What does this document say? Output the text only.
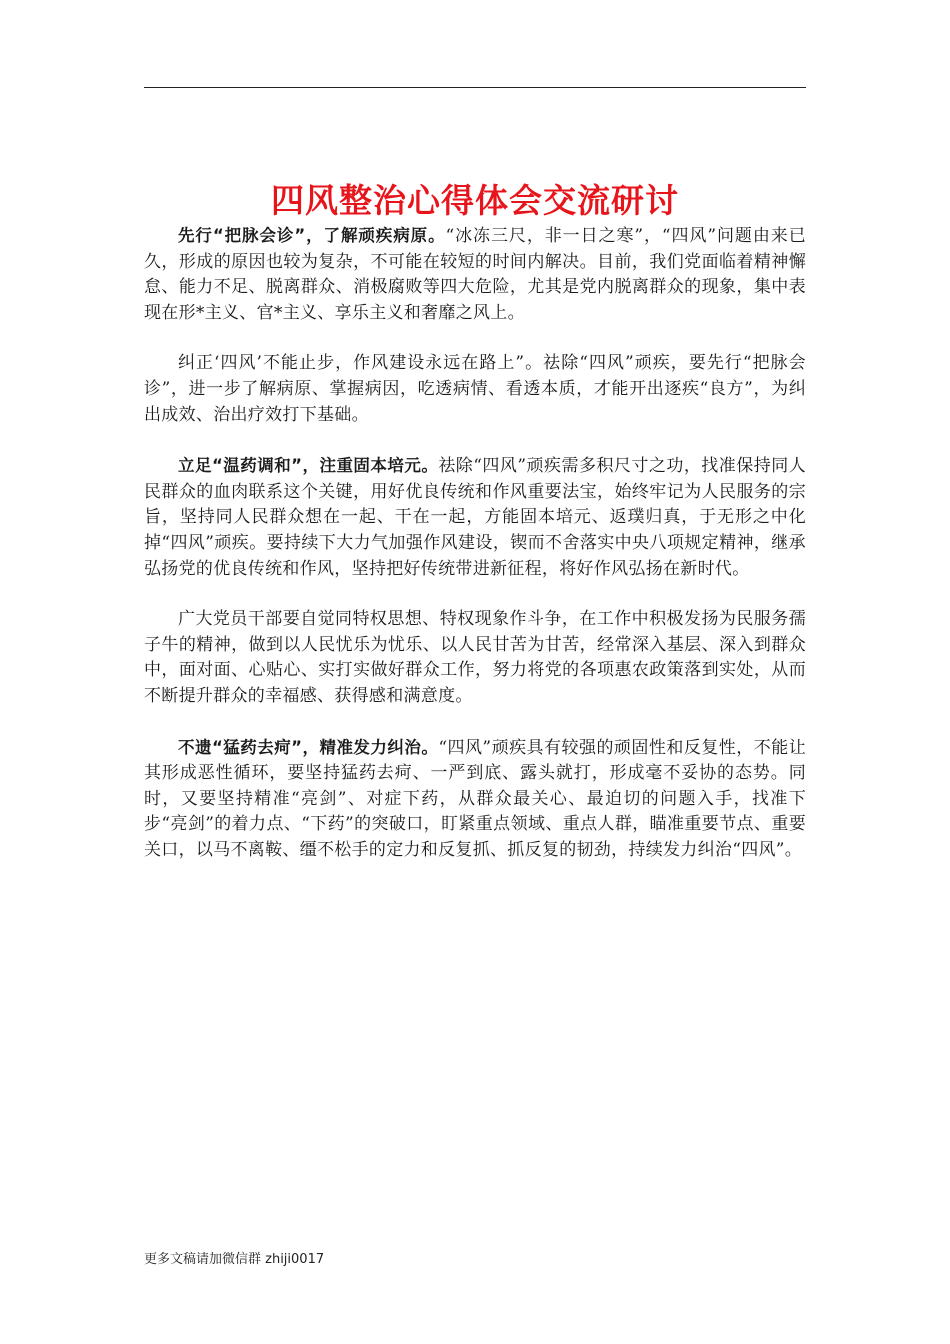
四风整治心得体会交流研讨

先行“把脉会诊”，了解顽疾病原。“冰冻三尺，非一日之寒”，“四风”问题由来已久，形成的原因也较为复杂，不可能在较短的时间内解决。目前，我们党面临着精神懈怠、能力不足、脱离群众、消极腐败等四大危险，尤其是党内脱离群众的现象，集中表现在形*主义、官*主义、享乐主义和奢靡之风上。

纠正‘四风’不能止步，作风建设永远在路上”。祛除“四风”顽疾，要先行“把脉会诊”，进一步了解病原、掌握病因，吃透病情、看透本质，才能开出逐疾“良方”，为纠出成效、治出疗效打下基础。

立足“温药调和”，注重固本培元。祛除“四风”顽疾需多积尺寸之功，找准保持同人民群众的血肉联系这个关键，用好优良传统和作风重要法宝，始终牢记为人民服务的宗旨，坚持同人民群众想在一起、干在一起，方能固本培元、返璞归真，于无形之中化掉“四风”顽疾。要持续下大力气加强作风建设，锲而不舍落实中央八项规定精神，继承弘扬党的优良传统和作风，坚持把好传统带进新征程，将好作风弘扬在新时代。

广大党员干部要自觉同特权思想、特权现象作斗争，在工作中积极发扬为民服务孺子牛的精神，做到以人民忧乐为忧乐、以人民甘苦为甘苦，经常深入基层、深入到群众中，面对面、心贴心、实打实做好群众工作，努力将党的各项惠农政策落到实处，从而不断提升群众的幸福感、获得感和满意度。

不遗“猛药去疴”，精准发力纠治。“四风”顽疾具有较强的顽固性和反复性，不能让其形成恶性循环，要坚持猛药去疴、一严到底、露头就打，形成毫不妥协的态势。同时，又要坚持精准“亮剑”、对症下药，从群众最关心、最迫切的问题入手，找准下步“亮剑”的着力点、“下药”的突破口，盯紧重点领域、重点人群，瞄准重要节点、重要关口，以马不离鞍、缰不松手的定力和反复抓、抓反复的韧劲，持续发力纠治“四风”。

更多文稿请加微信群 zhiji0017
